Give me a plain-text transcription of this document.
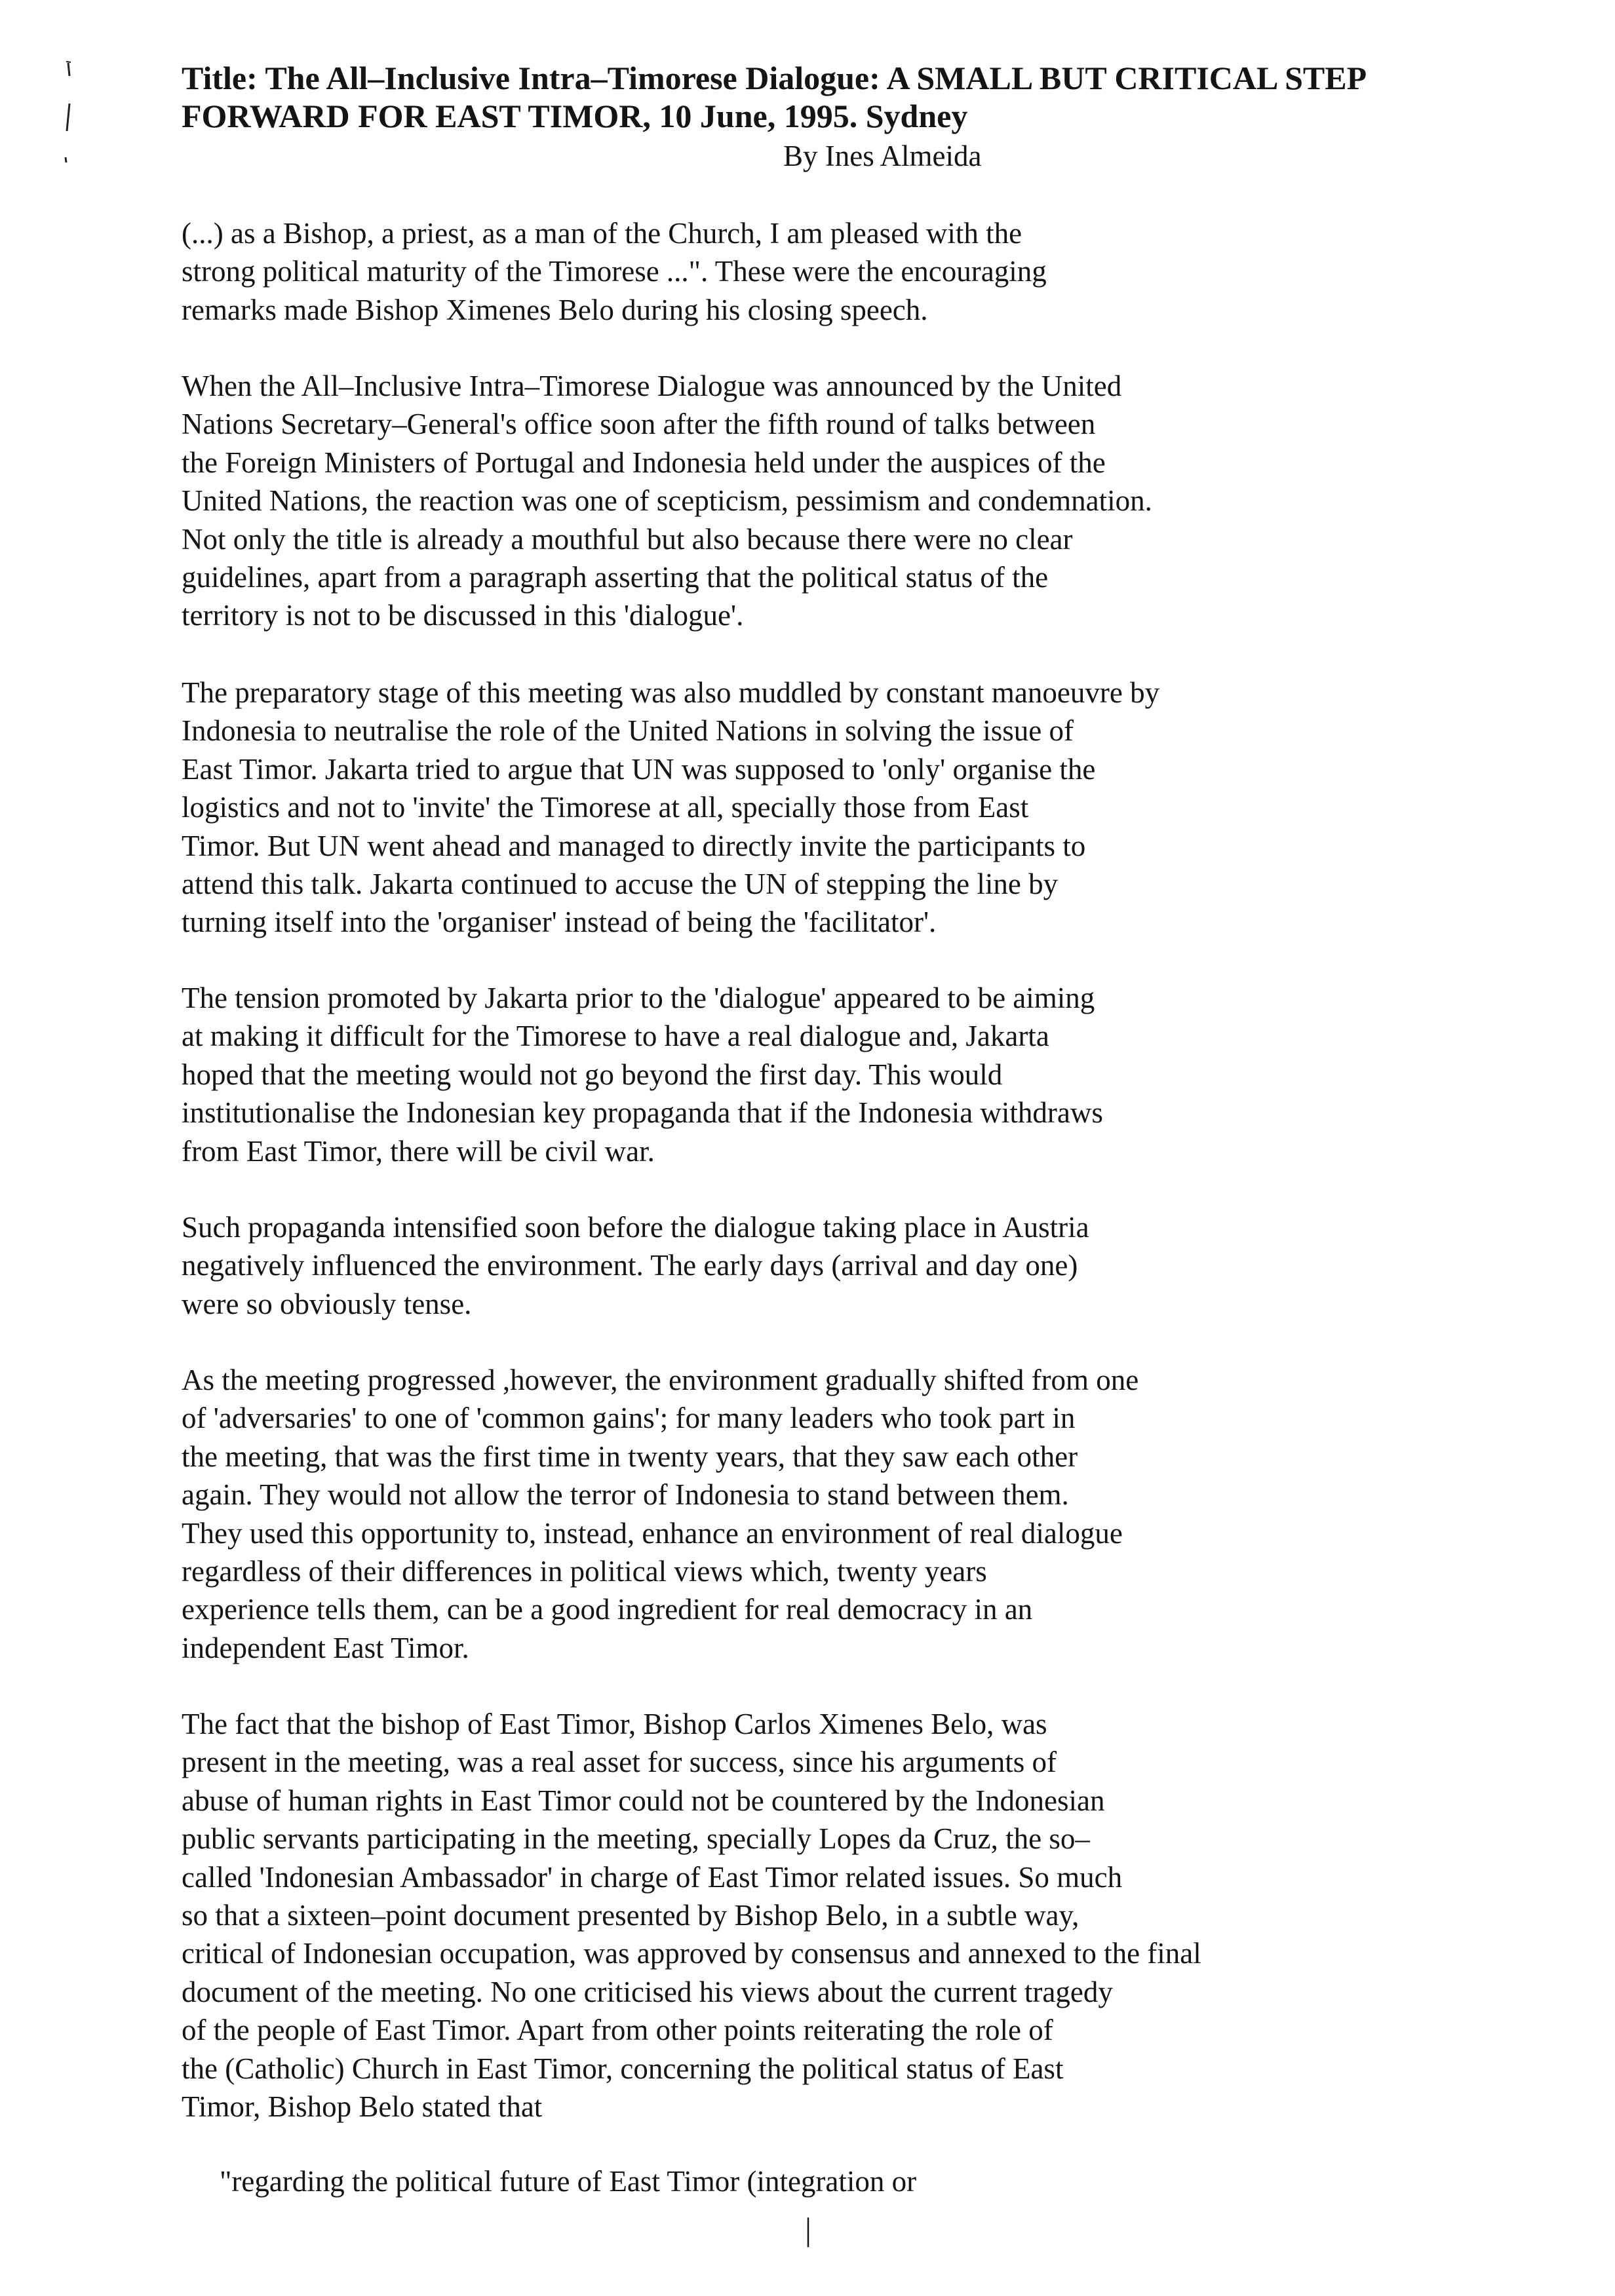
Title: The All–Inclusive Intra–Timorese Dialogue: A SMALL BUT CRITICAL STEP
FORWARD FOR EAST TIMOR, 10 June, 1995. Sydney

By Ines Almeida

(...) as a Bishop, a priest, as a man of the Church, I am pleased with the
strong political maturity of the Timorese ...". These were the encouraging
remarks made Bishop Ximenes Belo during his closing speech.

When the All–Inclusive Intra–Timorese Dialogue was announced by the United
Nations Secretary–General's office soon after the fifth round of talks between
the Foreign Ministers of Portugal and Indonesia held under the auspices of the
United Nations, the reaction was one of scepticism, pessimism and condemnation.
Not only the title is already a mouthful but also because there were no clear
guidelines, apart from a paragraph asserting that the political status of the
territory is not to be discussed in this 'dialogue'.

The preparatory stage of this meeting was also muddled by constant manoeuvre by
Indonesia to neutralise the role of the United Nations in solving the issue of
East Timor. Jakarta tried to argue that UN was supposed to 'only' organise the
logistics and not to 'invite' the Timorese at all, specially those from East
Timor. But UN went ahead and managed to directly invite the participants to
attend this talk. Jakarta continued to accuse the UN of stepping the line by
turning itself into the 'organiser' instead of being the 'facilitator'.

The tension promoted by Jakarta prior to the 'dialogue' appeared to be aiming
at making it difficult for the Timorese to have a real dialogue and, Jakarta
hoped that the meeting would not go beyond the first day. This would
institutionalise the Indonesian key propaganda that if the Indonesia withdraws
from East Timor, there will be civil war.

Such propaganda intensified soon before the dialogue taking place in Austria
negatively influenced the environment. The early days (arrival and day one)
were so obviously tense.

As the meeting progressed ,however, the environment gradually shifted from one
of 'adversaries' to one of 'common gains'; for many leaders who took part in
the meeting, that was the first time in twenty years, that they saw each other
again. They would not allow the terror of Indonesia to stand between them.
They used this opportunity to, instead, enhance an environment of real dialogue
regardless of their differences in political views which, twenty years
experience tells them, can be a good ingredient for real democracy in an
independent East Timor.

The fact that the bishop of East Timor, Bishop Carlos Ximenes Belo, was
present in the meeting, was a real asset for success, since his arguments of
abuse of human rights in East Timor could not be countered by the Indonesian
public servants participating in the meeting, specially Lopes da Cruz, the so–
called 'Indonesian Ambassador' in charge of East Timor related issues. So much
so that a sixteen–point document presented by Bishop Belo, in a subtle way,
critical of Indonesian occupation, was approved by consensus and annexed to the final
document of the meeting. No one criticised his views about the current tragedy
of the people of East Timor. Apart from other points reiterating the role of
the (Catholic) Church in East Timor, concerning the political status of East
Timor, Bishop Belo stated that

"regarding the political future of East Timor (integration or

|
